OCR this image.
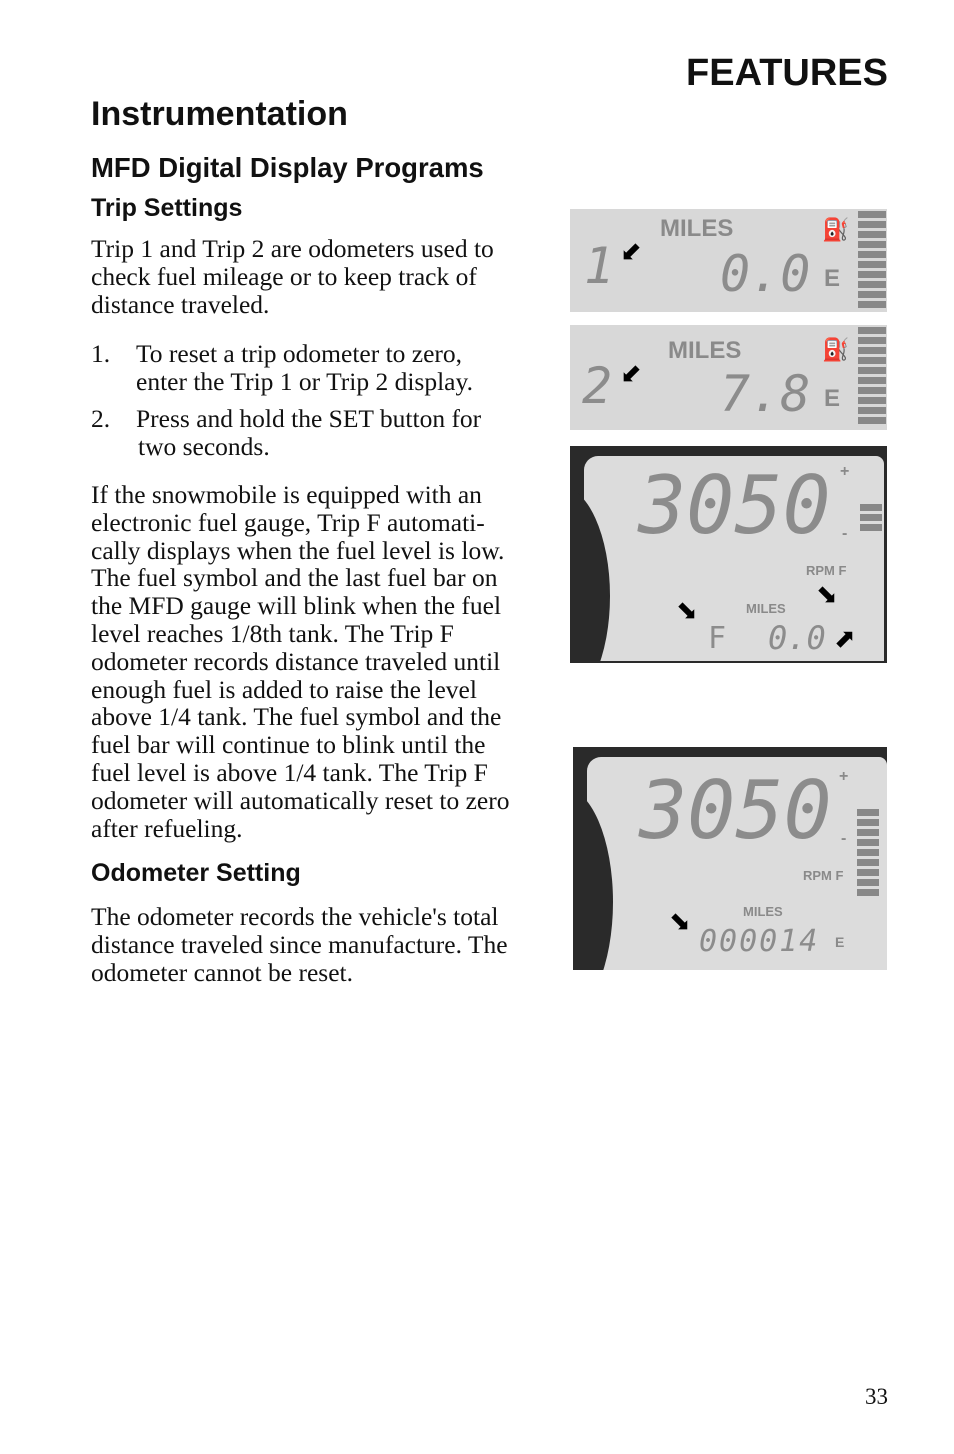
FEATURES
Instrumentation
MFD Digital Display Programs
Trip Settings
Trip 1 and Trip 2 are odometers used to
check fuel mileage or to keep track of
distance traveled.
1. To reset a trip odometer to zero,
enter the Trip 1 or Trip 2 display.
2. Press and hold the SET button for
two seconds.
If the snowmobile is equipped with an
electronic fuel gauge, Trip F automati-
cally displays when the fuel level is low.
The fuel symbol and the last fuel bar on
the MFD gauge will blink when the fuel
level reaches 1/8th tank. The Trip F
odometer records distance traveled until
enough fuel is added to raise the level
above 1/4 tank. The fuel symbol and the
fuel bar will continue to blink until the
fuel level is above 1/4 tank. The Trip F
odometer will automatically reset to zero
after refueling.
Odometer Setting
The odometer records the vehicle's total
distance traveled since manufacture. The
odometer cannot be reset.
1 ⬋
MILES
0.0 E
⛽
2 ⬋
MILES
7.8 E
⛽
3050 +
-
RPM F
MILES
F 0.0
⬊
⬊
⬈
3050 +
-
RPM F
MILES
000014 E
⬊
33
